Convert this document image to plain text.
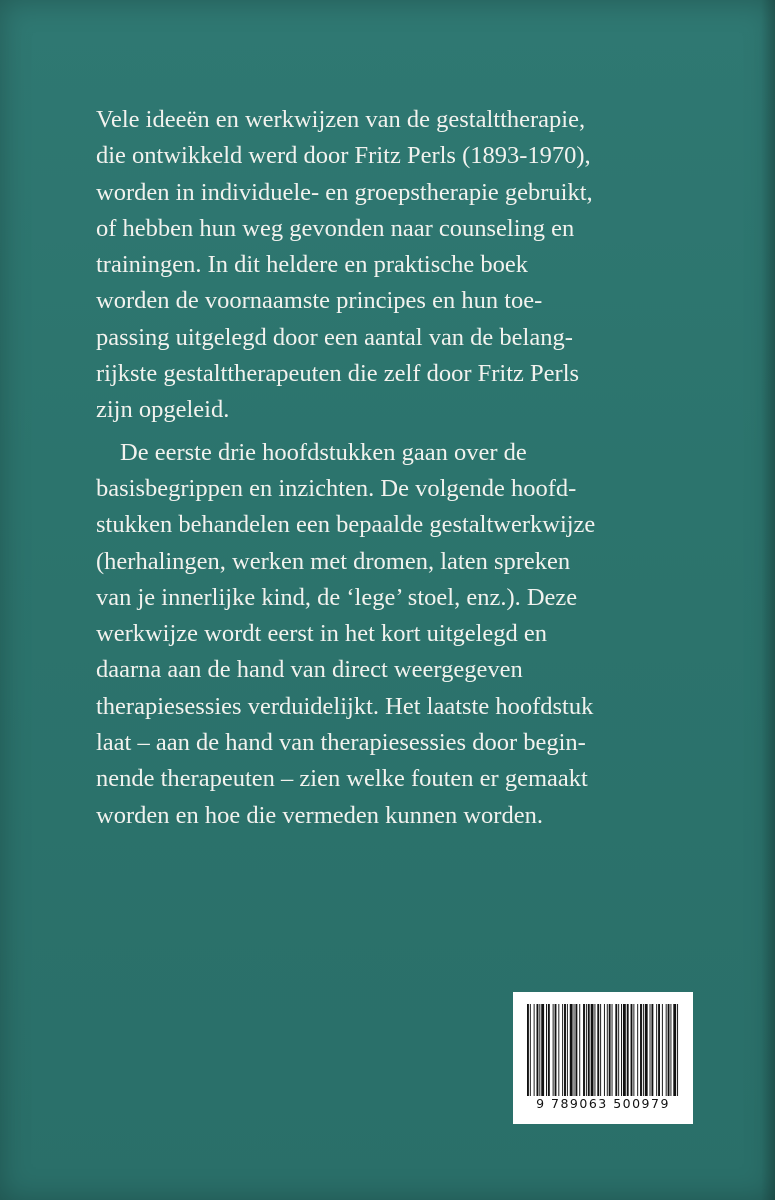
Vele ideeën en werkwijzen van de gestalttherapie,
die ontwikkeld werd door Fritz Perls (1893-1970),
worden in individuele- en groepstherapie gebruikt,
of hebben hun weg gevonden naar counseling en
trainingen. In dit heldere en praktische boek
worden de voornaamste principes en hun toe-
passing uitgelegd door een aantal van de belang-
rijkste gestalttherapeuten die zelf door Fritz Perls
zijn opgeleid.
De eerste drie hoofdstukken gaan over de
basisbegrippen en inzichten. De volgende hoofd-
stukken behandelen een bepaalde gestaltwerkwijze
(herhalingen, werken met dromen, laten spreken
van je innerlijke kind, de ‘lege’ stoel, enz.). Deze
werkwijze wordt eerst in het kort uitgelegd en
daarna aan de hand van direct weergegeven
therapiesessies verduidelijkt. Het laatste hoofdstuk
laat – aan de hand van therapiesessies door begin-
nende therapeuten – zien welke fouten er gemaakt
worden en hoe die vermeden kunnen worden.
9 789063 500979
